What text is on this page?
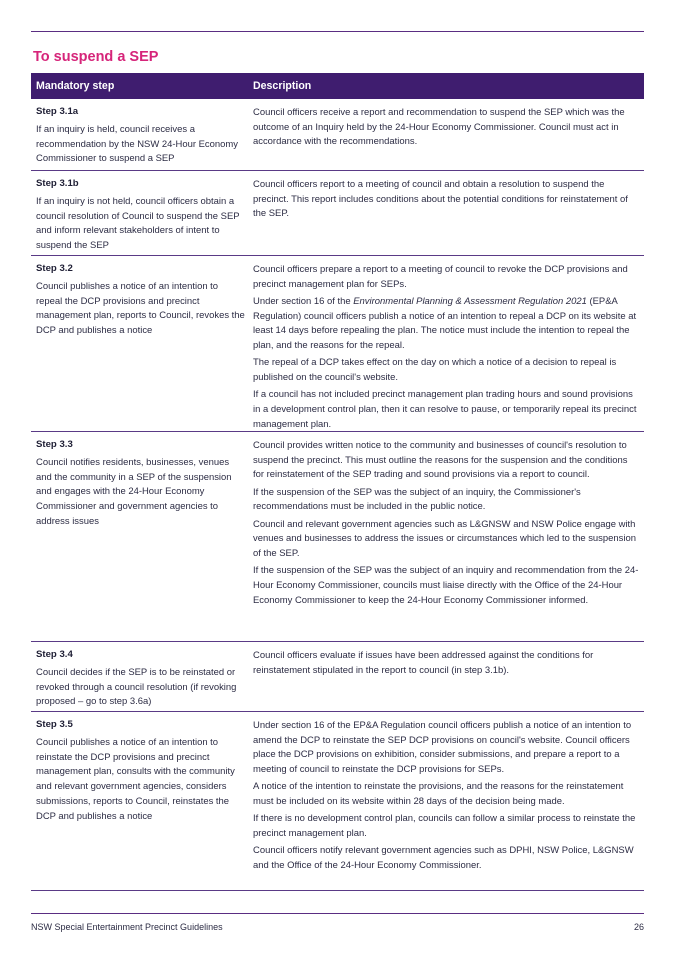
To suspend a SEP
Mandatory step	Description
Step 3.1a
If an inquiry is held, council receives a recommendation by the NSW 24-Hour Economy Commissioner to suspend a SEP

Council officers receive a report and recommendation to suspend the SEP which was the outcome of an Inquiry held by the 24-Hour Economy Commissioner. Council must act in accordance with the recommendations.

Step 3.1b
If an inquiry is not held, council officers obtain a council resolution of Council to suspend the SEP and inform relevant stakeholders of intent to suspend the SEP

Council officers report to a meeting of council and obtain a resolution to suspend the precinct. This report includes conditions about the potential conditions for reinstatement of the SEP.

Step 3.2
Council publishes a notice of an intention to repeal the DCP provisions and precinct management plan, reports to Council, revokes the DCP and publishes a notice

Council officers prepare a report to a meeting of council to revoke the DCP provisions and precinct management plan for SEPs.

Under section 16 of the Environmental Planning & Assessment Regulation 2021 (EP&A Regulation) council officers publish a notice of an intention to repeal a DCP on its website at least 14 days before repealing the plan. The notice must include the intention to repeal the plan, and the reasons for the repeal.

The repeal of a DCP takes effect on the day on which a notice of a decision to repeal is published on the council's website.

If a council has not included precinct management plan trading hours and sound provisions in a development control plan, then it can resolve to pause, or temporarily repeal its precinct management plan.

Step 3.3
Council notifies residents, businesses, venues and the community in a SEP of the suspension and engages with the 24-Hour Economy Commissioner and government agencies to address issues

Council provides written notice to the community and businesses of council's resolution to suspend the precinct. This must outline the reasons for the suspension and the conditions for reinstatement of the SEP trading and sound provisions via a report to council.

If the suspension of the SEP was the subject of an inquiry, the Commissioner's recommendations must be included in the public notice.

Council and relevant government agencies such as L&GNSW and NSW Police engage with venues and businesses to address the issues or circumstances which led to the suspension of the SEP.

If the suspension of the SEP was the subject of an inquiry and recommendation from the 24-Hour Economy Commissioner, councils must liaise directly with the Office of the 24-Hour Economy Commissioner to keep the 24-Hour Economy Commissioner informed.

Step 3.4
Council decides if the SEP is to be reinstated or revoked through a council resolution (if revoking proposed – go to step 3.6a)

Council officers evaluate if issues have been addressed against the conditions for reinstatement stipulated in the report to council (in step 3.1b).

Step 3.5
Council publishes a notice of an intention to reinstate the DCP provisions and precinct management plan, consults with the community and relevant government agencies, considers submissions, reports to Council, reinstates the DCP and publishes a notice

Under section 16 of the EP&A Regulation council officers publish a notice of an intention to amend the DCP to reinstate the SEP DCP provisions on council's website. Council officers place the DCP provisions on exhibition, consider submissions, and prepare a report to a meeting of council to reinstate the DCP provisions for SEPs.

A notice of the intention to reinstate the provisions, and the reasons for the reinstatement must be included on its website within 28 days of the decision being made.

If there is no development control plan, councils can follow a similar process to reinstate the precinct management plan.

Council officers notify relevant government agencies such as DPHI, NSW Police, L&GNSW and the Office of the 24-Hour Economy Commissioner.

NSW Special Entertainment Precinct Guidelines	26
